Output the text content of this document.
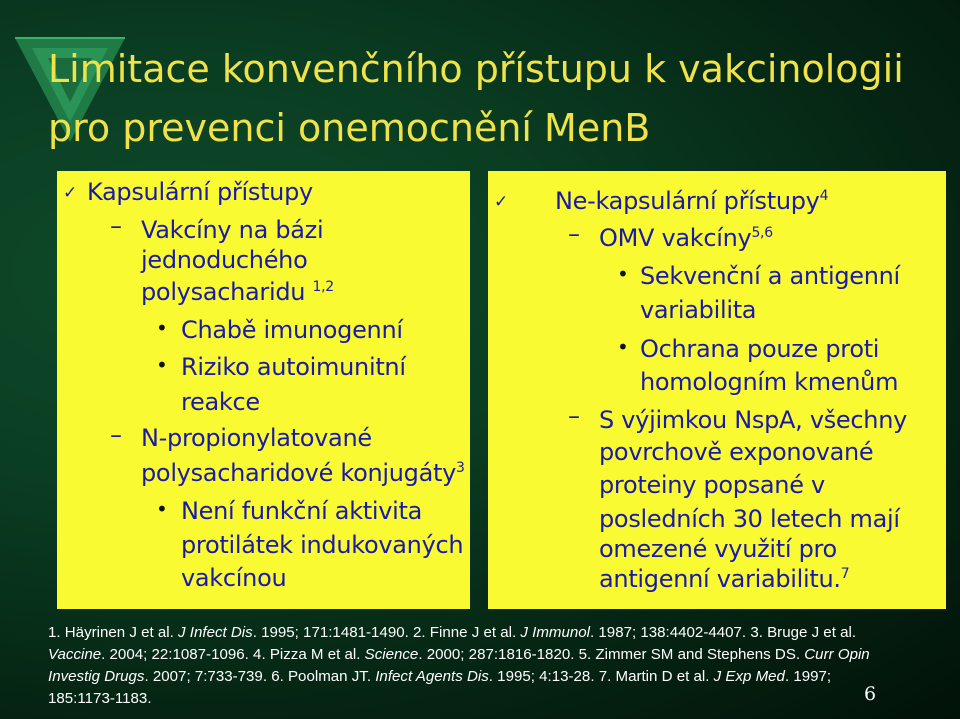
Limitace konvenčního přístupu k vakcinologii
pro prevenci onemocnění MenB
✓ Kapsulární přístupy

– Vakcíny na bázi

jednoduchého

polysacharidu $^{1,2}$

• Chabě imunogenní

• Riziko autoimunitní

reakce

– N-propionylatované

polysacharidové konjugáty$^3$

• Není funkční aktivita

protilátek indukovaných

vakcínou

✓ Ne-kapsulární přístupy$^4$

– OMV vakcíny$^{5,6}$

• Sekvenční a antigenní

variabilita

• Ochrana pouze proti

homologním kmenům

– S výjimkou NspA, všechny

povrchově exponované

proteiny popsané v

posledních 30 letech mají

omezené využití pro

antigenní variabilitu.$^7$

1. Häyrinen J et al. J Infect Dis. 1995; 171:1481-1490. 2. Finne J et al. J Immunol. 1987; 138:4402-4407. 3. Bruge J et al.

Vaccine. 2004; 22:1087-1096. 4. Pizza M et al. Science. 2000; 287:1816-1820. 5. Zimmer SM and Stephens DS. Curr Opin

Investig Drugs. 2007; 7:733-739. 6. Poolman JT. Infect Agents Dis. 1995; 4:13-28. 7. Martin D et al. J Exp Med. 1997;

185:1173-1183.	6
